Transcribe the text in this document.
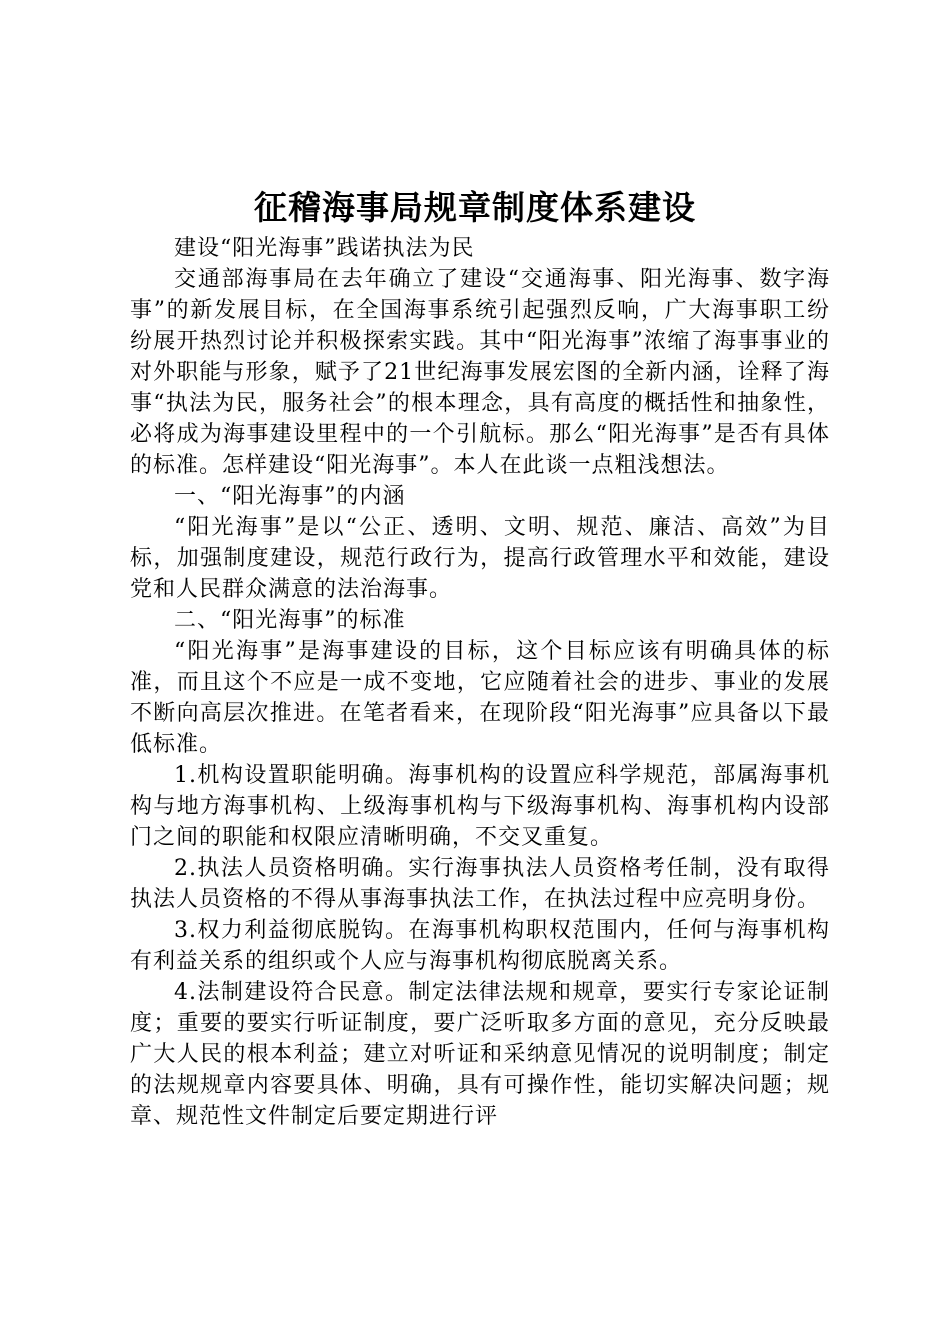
征稽海事局规章制度体系建设

建设“阳光海事”践诺执法为民

交通部海事局在去年确立了建设“交通海事、阳光海事、数字海事”的新发展目标，在全国海事系统引起强烈反响，广大海事职工纷纷展开热烈讨论并积极探索实践。其中“阳光海事”浓缩了海事事业的对外职能与形象，赋予了21世纪海事发展宏图的全新内涵，诠释了海事“执法为民，服务社会”的根本理念，具有高度的概括性和抽象性，必将成为海事建设里程中的一个引航标。那么“阳光海事”是否有具体的标准。怎样建设“阳光海事”。本人在此谈一点粗浅想法。

一、“阳光海事”的内涵

“阳光海事”是以“公正、透明、文明、规范、廉洁、高效”为目标，加强制度建设，规范行政行为，提高行政管理水平和效能，建设党和人民群众满意的法治海事。

二、“阳光海事”的标准

“阳光海事”是海事建设的目标，这个目标应该有明确具体的标准，而且这个不应是一成不变地，它应随着社会的进步、事业的发展不断向高层次推进。在笔者看来，在现阶段“阳光海事”应具备以下最低标准。

1.机构设置职能明确。海事机构的设置应科学规范，部属海事机构与地方海事机构、上级海事机构与下级海事机构、海事机构内设部门之间的职能和权限应清晰明确，不交叉重复。

2.执法人员资格明确。实行海事执法人员资格考任制，没有取得执法人员资格的不得从事海事执法工作，在执法过程中应亮明身份。

3.权力利益彻底脱钩。在海事机构职权范围内，任何与海事机构有利益关系的组织或个人应与海事机构彻底脱离关系。

4.法制建设符合民意。制定法律法规和规章，要实行专家论证制度；重要的要实行听证制度，要广泛听取多方面的意见，充分反映最广大人民的根本利益；建立对听证和采纳意见情况的说明制度；制定的法规规章内容要具体、明确，具有可操作性，能切实解决问题；规章、规范性文件制定后要定期进行评
